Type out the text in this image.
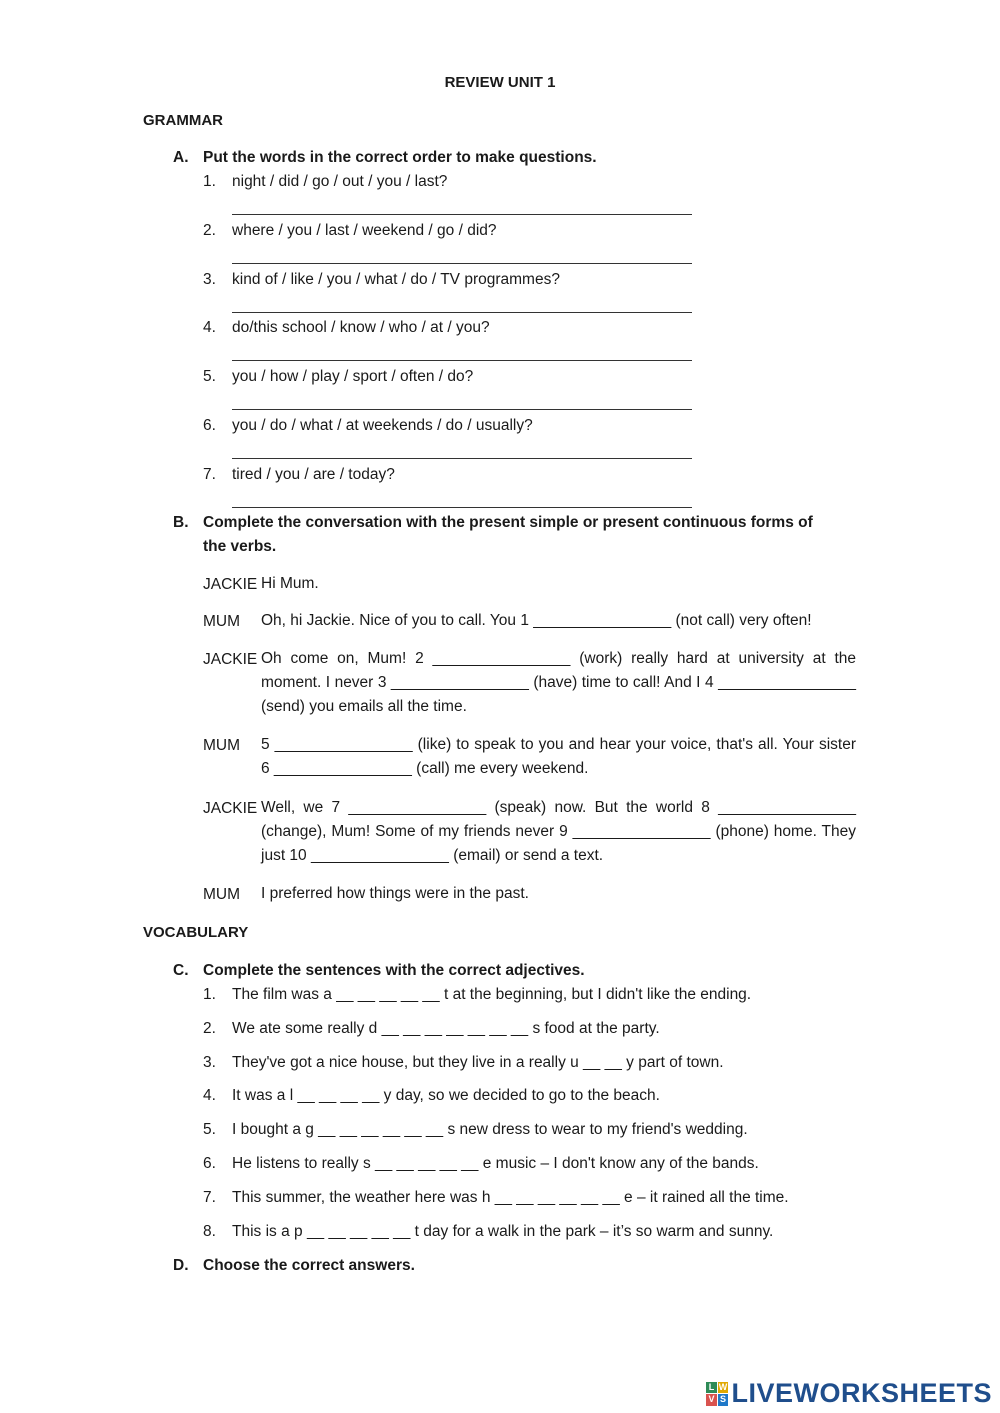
REVIEW UNIT 1
GRAMMAR
A. Put the words in the correct order to make questions.
1. night / did / go / out / you / last?
2. where / you / last / weekend / go / did?
3. kind of / like / you / what / do / TV programmes?
4. do/this school / know / who / at / you?
5. you / how / play / sport / often / do?
6. you / do / what / at weekends / do / usually?
7. tired / you / are / today?
B. Complete the conversation with the present simple or present continuous forms of
the verbs.
JACKIE Hi Mum.
MUM Oh, hi Jackie. Nice of you to call. You 1 ________________ (not call) very often!
JACKIE Oh come on, Mum! 2 ________________ (work) really hard at university at the moment. I never 3 ________________ (have) time to call! And I 4 ________________ (send) you emails all the time.
MUM 5 ________________ (like) to speak to you and hear your voice, that's all. Your sister 6 ________________ (call) me every weekend.
JACKIE Well, we 7 ________________ (speak) now. But the world 8 ________________ (change), Mum! Some of my friends never 9 ________________ (phone) home. They just 10 ________________ (email) or send a text.
MUM I preferred how things were in the past.
VOCABULARY
C. Complete the sentences with the correct adjectives.
1. The film was a __ __ __ __ __ t at the beginning, but I didn't like the ending.
2. We ate some really d __ __ __ __ __ __ __ s food at the party.
3. They've got a nice house, but they live in a really u __ __ y part of town.
4. It was a l __ __ __ __ y day, so we decided to go to the beach.
5. I bought a g __ __ __ __ __ __ s new dress to wear to my friend's wedding.
6. He listens to really s __ __ __ __ __ e music – I don't know any of the bands.
7. This summer, the weather here was h __ __ __ __ __ __ e – it rained all the time.
8. This is a p __ __ __ __ __ t day for a walk in the park – it’s so warm and sunny.
D. Choose the correct answers.
L W
V S LIVEWORKSHEETS
